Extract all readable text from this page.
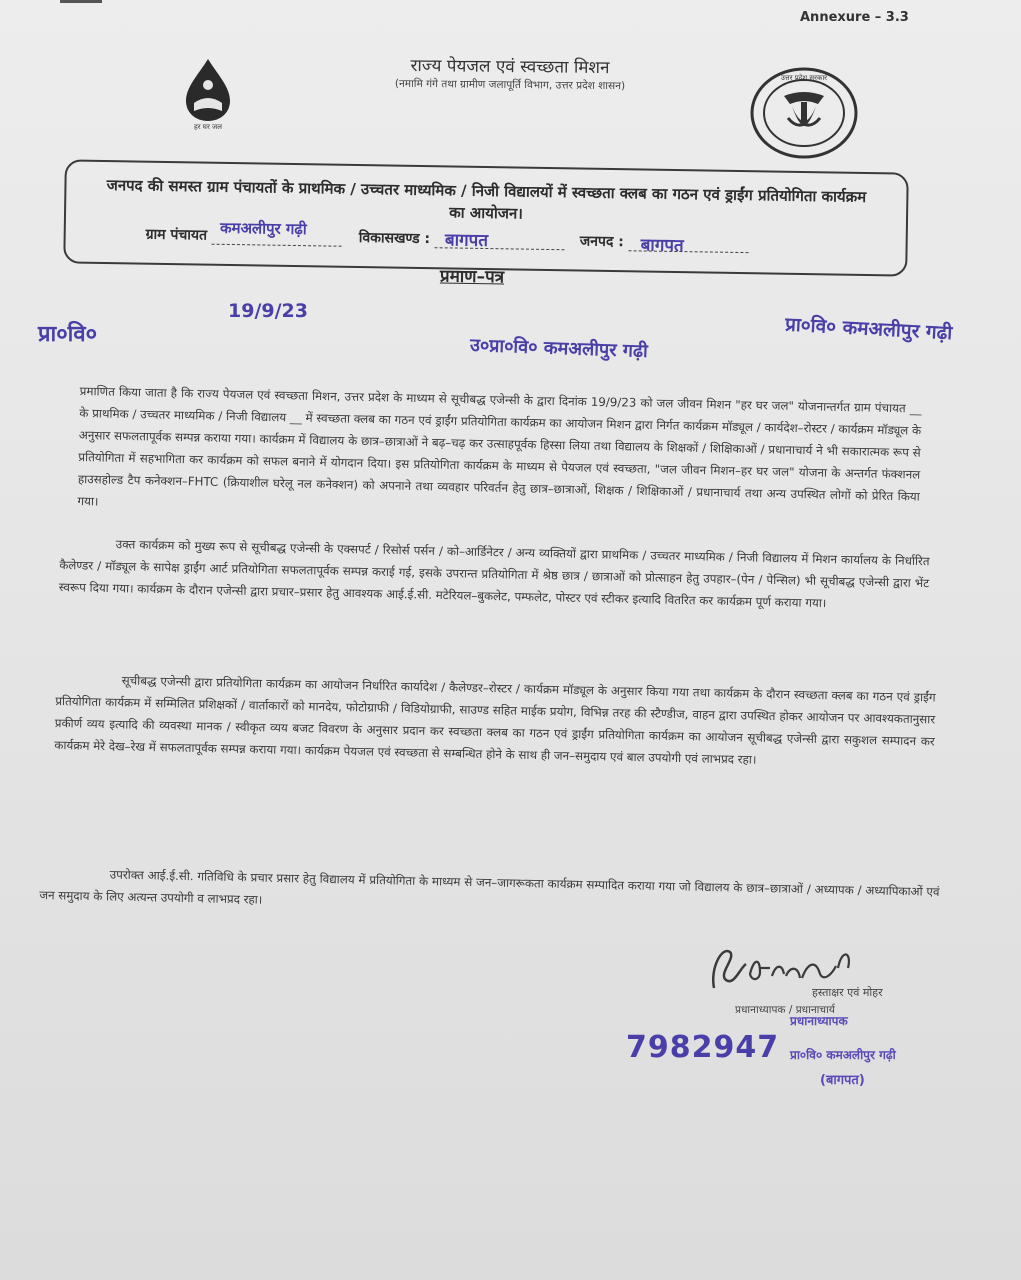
Annexure – 3.3
हर घर जल
उत्तर प्रदेश सरकार
राज्य पेयजल एवं स्वच्छता मिशन
(नमामि गंगे तथा ग्रामीण जलापूर्ति विभाग, उत्तर प्रदेश शासन)
जनपद की समस्त ग्राम पंचायतों के प्राथमिक / उच्चतर माध्यमिक / निजी विद्यालयों में स्वच्छता क्लब का गठन एवं ड्राईंग प्रतियोगिता कार्यक्रम का आयोजन।
ग्राम पंचायत कमअलीपुर गढ़ी
विकासखण्ड : बागपत	जनपद : बागपत
प्रमाण–पत्र
प्रा०वि०
19/9/23
उ०प्रा०वि० कमअलीपुर गढ़ी
प्रा०वि० कमअलीपुर गढ़ी
प्रमाणित किया जाता है कि राज्य पेयजल एवं स्वच्छता मिशन, उत्तर प्रदेश के माध्यम से सूचीबद्ध एजेन्सी के द्वारा दिनांक 19/9/23 को जल जीवन मिशन "हर घर जल" योजनान्तर्गत ग्राम पंचायत __ के प्राथमिक / उच्चतर माध्यमिक / निजी विद्यालय __ में स्वच्छता क्लब का गठन एवं ड्राईंग प्रतियोगिता कार्यक्रम का आयोजन मिशन द्वारा निर्गत कार्यक्रम मॉड्यूल / कार्यदेश–रोस्टर / कार्यक्रम मॉड्यूल के अनुसार सफलतापूर्वक सम्पन्न कराया गया। कार्यक्रम में विद्यालय के छात्र–छात्राओं ने बढ़–चढ़ कर उत्साहपूर्वक हिस्सा लिया तथा विद्यालय के शिक्षकों / शिक्षिकाओं / प्रधानाचार्य ने भी सकारात्मक रूप से प्रतियोगिता में सहभागिता कर कार्यक्रम को सफल बनाने में योगदान दिया। इस प्रतियोगिता कार्यक्रम के माध्यम से पेयजल एवं स्वच्छता, "जल जीवन मिशन–हर घर जल" योजना के अन्तर्गत फंक्शनल हाउसहोल्ड टैप कनेक्शन–FHTC (क्रियाशील घरेलू नल कनेक्शन) को अपनाने तथा व्यवहार परिवर्तन हेतु छात्र–छात्राओं, शिक्षक / शिक्षिकाओं / प्रधानाचार्य तथा अन्य उपस्थित लोगों को प्रेरित किया गया।
उक्त कार्यक्रम को मुख्य रूप से सूचीबद्ध एजेन्सी के एक्सपर्ट / रिसोर्स पर्सन / को–आर्डिनेटर / अन्य व्यक्तियों द्वारा प्राथमिक / उच्चतर माध्यमिक / निजी विद्यालय में मिशन कार्यालय के निर्धारित कैलेण्डर / मॉड्यूल के सापेक्ष ड्राईंग आर्ट प्रतियोगिता सफलतापूर्वक सम्पन्न कराई गई, इसके उपरान्त प्रतियोगिता में श्रेष्ठ छात्र / छात्राओं को प्रोत्साहन हेतु उपहार–(पेन / पेन्सिल) भी सूचीबद्ध एजेन्सी द्वारा भेंट स्वरूप दिया गया। कार्यक्रम के दौरान एजेन्सी द्वारा प्रचार–प्रसार हेतु आवश्यक आई.ई.सी. मटेरियल–बुकलेट, पम्फलेट, पोस्टर एवं स्टीकर इत्यादि वितरित कर कार्यक्रम पूर्ण कराया गया।
सूचीबद्ध एजेन्सी द्वारा प्रतियोगिता कार्यक्रम का आयोजन निर्धारित कार्यादेश / कैलेण्डर–रोस्टर / कार्यक्रम मॉड्यूल के अनुसार किया गया तथा कार्यक्रम के दौरान स्वच्छता क्लब का गठन एवं ड्राईंग प्रतियोगिता कार्यक्रम में सम्मिलित प्रशिक्षकों / वार्ताकारों को मानदेय, फोटोग्राफी / विडियोग्राफी, साउण्ड सहित माईक प्रयोग, विभिन्न तरह की स्टैण्डीज, वाहन द्वारा उपस्थित होकर आयोजन पर आवश्यकतानुसार प्रकीर्ण व्यय इत्यादि की व्यवस्था मानक / स्वीकृत व्यय बजट विवरण के अनुसार प्रदान कर स्वच्छता क्लब का गठन एवं ड्राईंग प्रतियोगिता कार्यक्रम का आयोजन सूचीबद्ध एजेन्सी द्वारा सकुशल सम्पादन कर कार्यक्रम मेरे देख–रेख में सफलतापूर्वक सम्पन्न कराया गया। कार्यक्रम पेयजल एवं स्वच्छता से सम्बन्धित होने के साथ ही जन–समुदाय एवं बाल उपयोगी एवं लाभप्रद रहा।
उपरोक्त आई.ई.सी. गतिविधि के प्रचार प्रसार हेतु विद्यालय में प्रतियोगिता के माध्यम से जन–जागरूकता कार्यक्रम सम्पादित कराया गया जो विद्यालय के छात्र–छात्राओं / अध्यापक / अध्यापिकाओं एवं जन समुदाय के लिए अत्यन्त उपयोगी व लाभप्रद रहा।
प्रधानाध्यापक / प्रधानाचार्य
हस्ताक्षर एवं मोहर
प्रधानाध्यापक
7982947 प्रा०वि० कमअलीपुर गढ़ी
(बागपत)
